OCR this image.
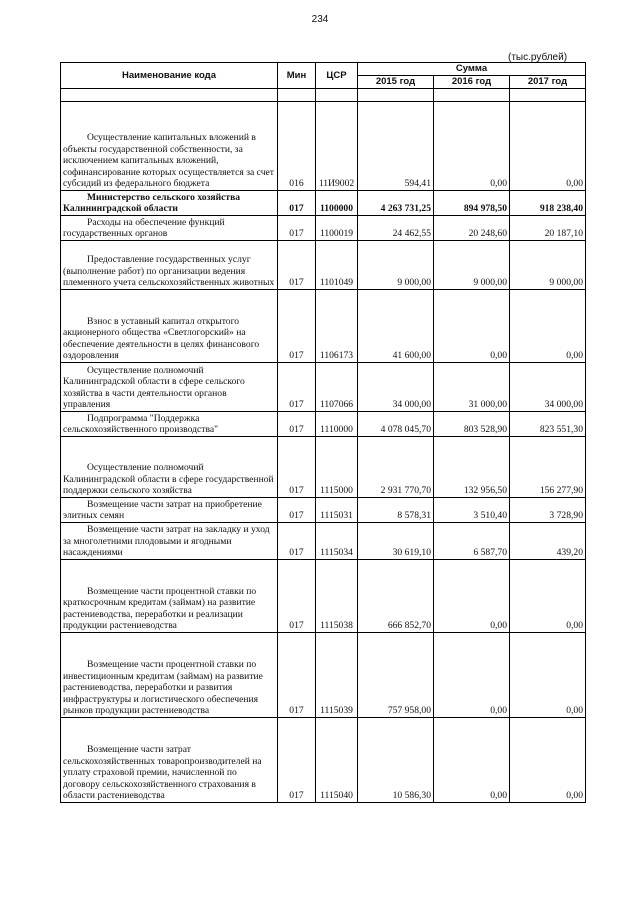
234
(тыс.рублей)
Наименование кода	Мин	ЦСР	Сумма		
			2015 год	2016 год	2017 год

Осуществление капитальных вложений в объекты государственной собственности, за исключением капитальных вложений, софинансирование которых осуществляется за счет субсидий из федерального бюджета	016	11И9002	594,41	0,00	0,00
Министерство сельского хозяйства Калининградской области	017	1100000	4 263 731,25	894 978,50	918 238,40
Расходы на обеспечение функций государственных органов	017	1100019	24 462,55	20 248,60	20 187,10
Предоставление государственных услуг (выполнение работ) по организации ведения племенного учета сельскохозяйственных животных	017	1101049	9 000,00	9 000,00	9 000,00
Взнос в уставный капитал открытого акционерного общества «Светлогорский» на обеспечение деятельности в целях финансового оздоровления	017	1106173	41 600,00	0,00	0,00
Осуществление полномочий Калининградской области в сфере сельского хозяйства в части деятельности органов управления	017	1107066	34 000,00	31 000,00	34 000,00
Подпрограмма "Поддержка сельскохозяйственного производства"	017	1110000	4 078 045,70	803 528,90	823 551,30
Осуществление полномочий Калининградской области в сфере государственной поддержки сельского хозяйства	017	1115000	2 931 770,70	132 956,50	156 277,90
Возмещение части затрат на приобретение элитных семян	017	1115031	8 578,31	3 510,40	3 728,90
Возмещение части затрат на закладку и уход за многолетними плодовыми и ягодными насаждениями	017	1115034	30 619,10	6 587,70	439,20
Возмещение части процентной ставки по краткосрочным кредитам (займам) на развитие растениеводства, переработки и реализации продукции растениеводства	017	1115038	666 852,70	0,00	0,00
Возмещение части процентной ставки по инвестиционным кредитам (займам) на развитие растениеводства, переработки и развития инфраструктуры и логистического обеспечения рынков продукции растениеводства	017	1115039	757 958,00	0,00	0,00
Возмещение части затрат сельскохозяйственных товаропроизводителей на уплату страховой премии, начисленной по договору сельскохозяйственного страхования в области растениеводства	017	1115040	10 586,30	0,00	0,00
